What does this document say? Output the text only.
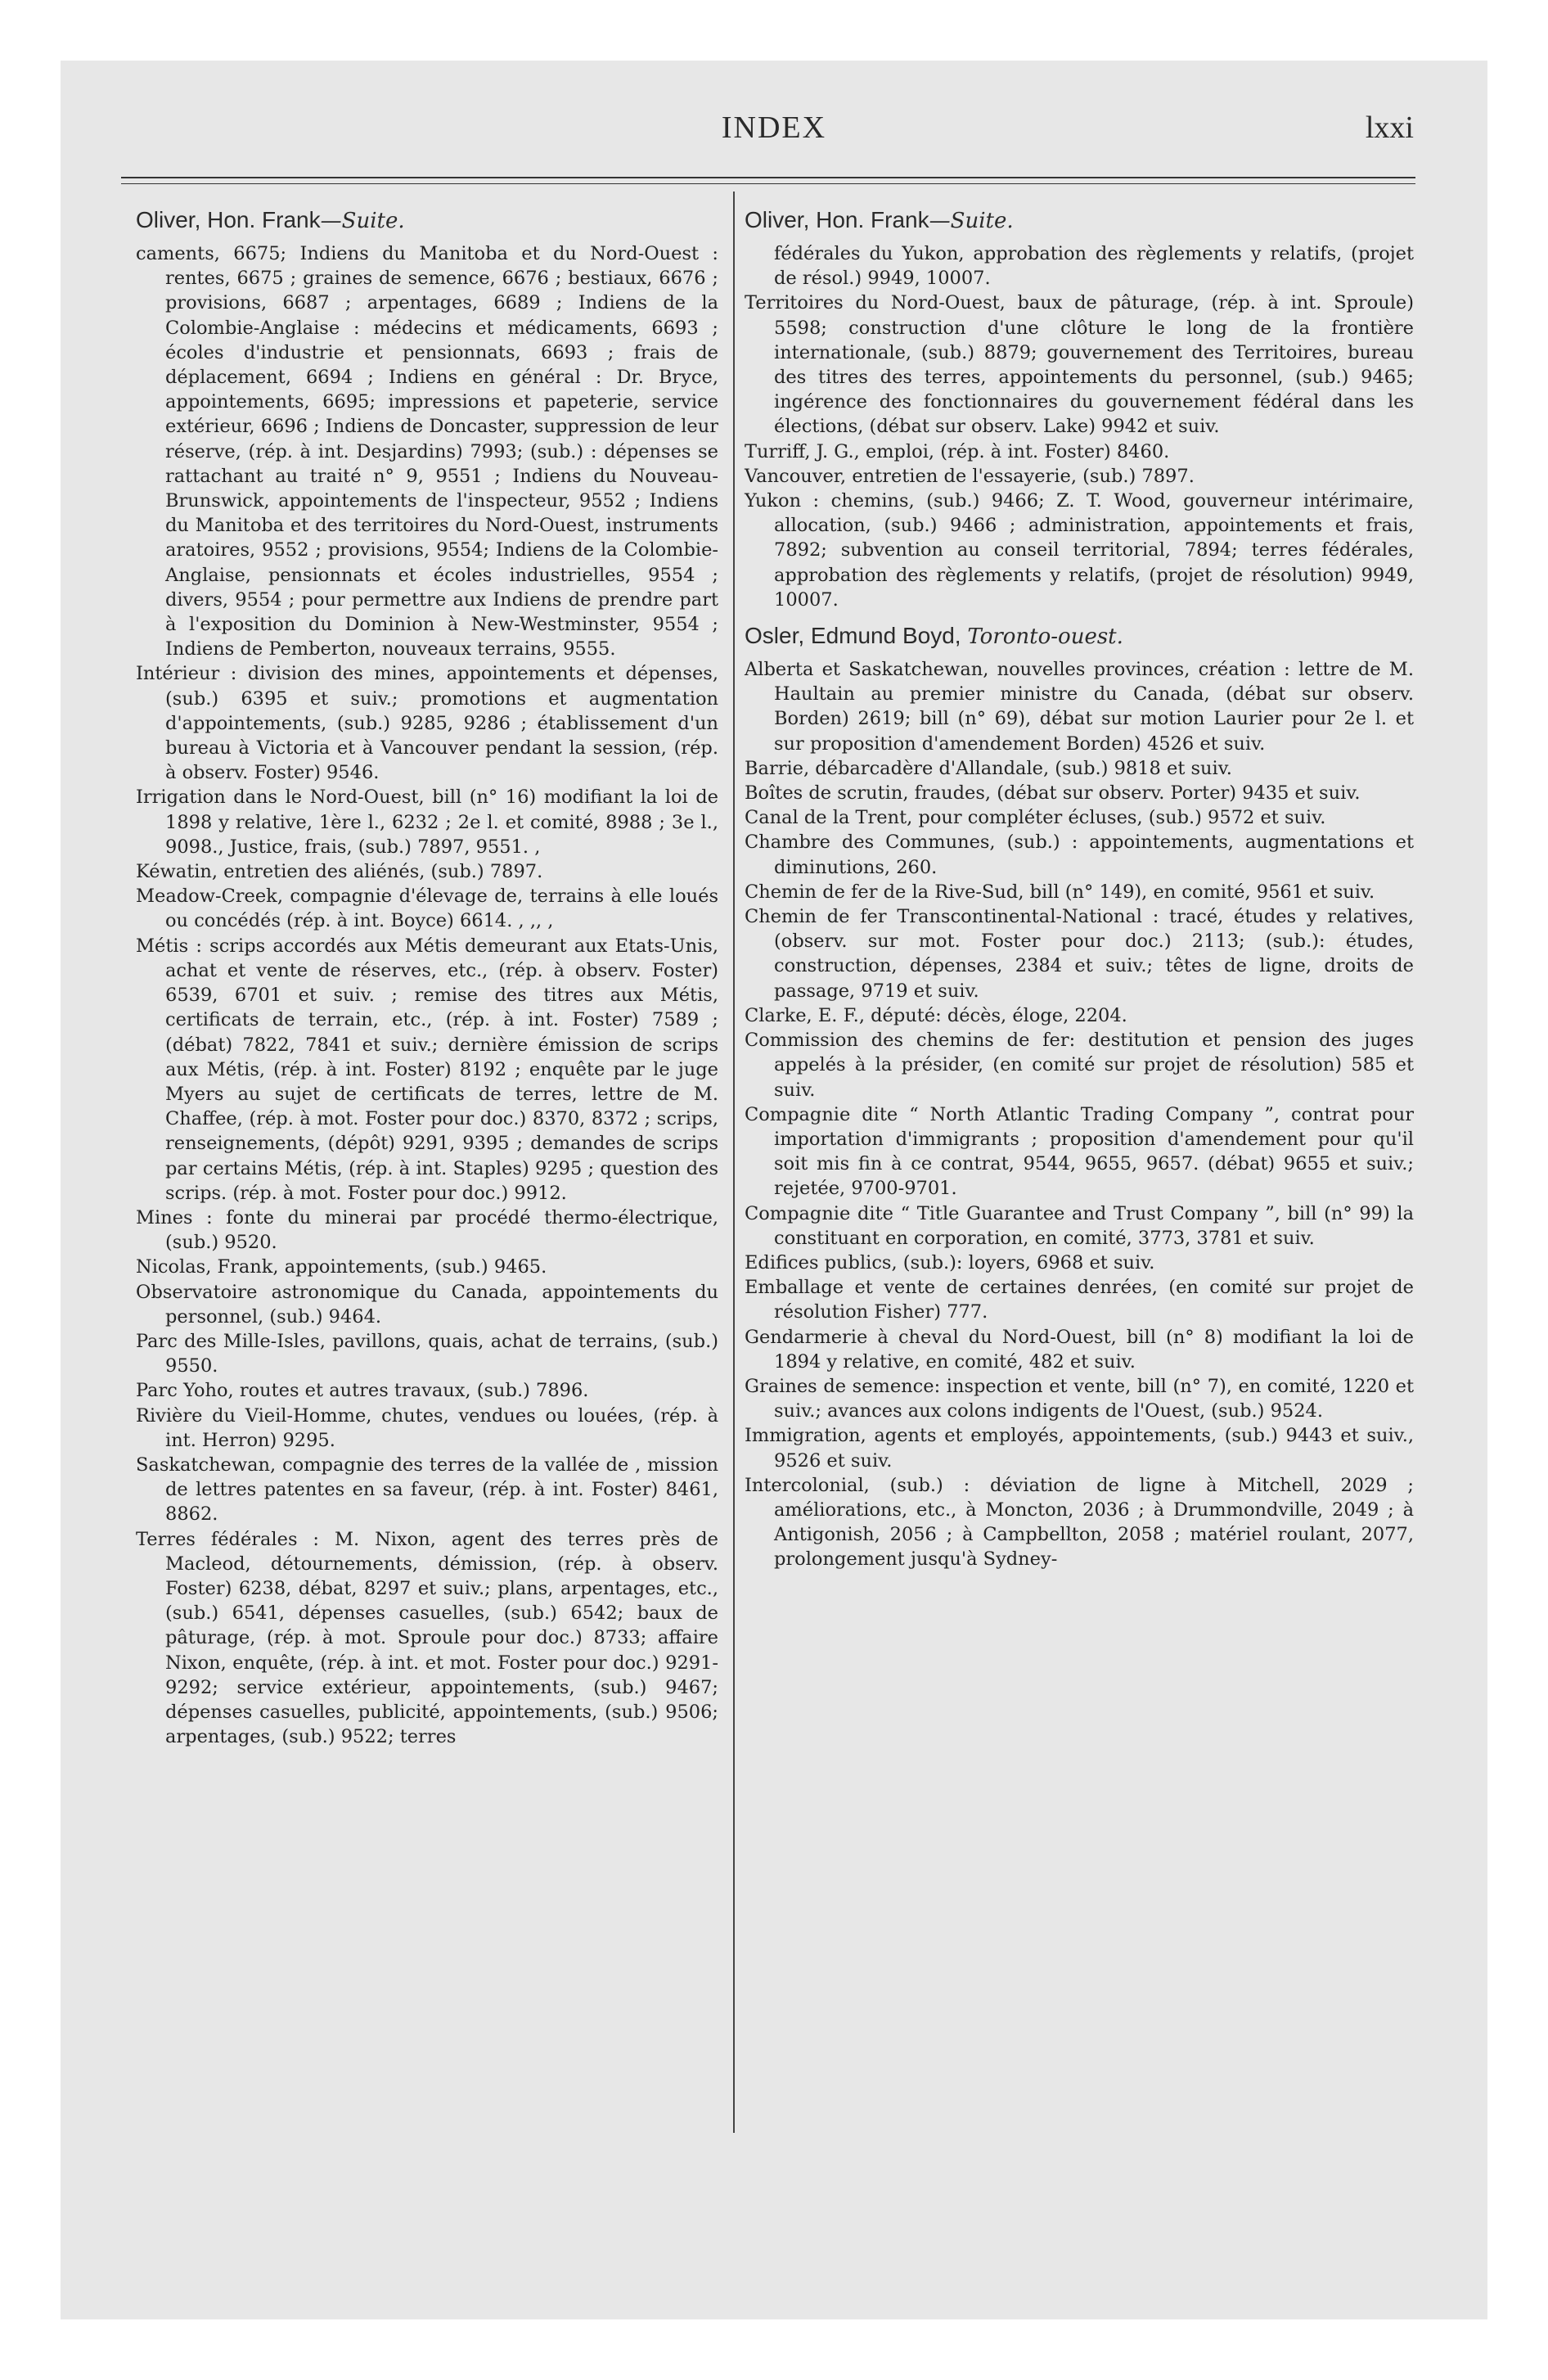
INDEX	lxxi

Oliver, Hon. Frank—Suite.

caments, 6675; Indiens du Manitoba et du Nord-Ouest : rentes, 6675 ; graines de semence, 6676 ; bestiaux, 6676 ; provisions, 6687 ; arpentages, 6689 ; Indiens de la Colombie-Anglaise : médecins et médicaments, 6693 ; écoles d'industrie et pensionnats, 6693 ; frais de déplacement, 6694 ; Indiens en général : Dr. Bryce, appointements, 6695; impressions et papeterie, service extérieur, 6696 ; Indiens de Doncaster, suppression de leur réserve, (rép. à int. Desjardins) 7993; (sub.) : dépenses se rattachant au traité n° 9, 9551 ; Indiens du Nouveau-Brunswick, appointements de l'inspecteur, 9552 ; Indiens du Manitoba et des territoires du Nord-Ouest, instruments aratoires, 9552 ; provisions, 9554; Indiens de la Colombie-Anglaise, pensionnats et écoles industrielles, 9554 ; divers, 9554 ; pour permettre aux Indiens de prendre part à l'exposition du Dominion à New-Westminster, 9554 ; Indiens de Pemberton, nouveaux terrains, 9555.

Intérieur : division des mines, appointements et dépenses, (sub.) 6395 et suiv.; promotions et augmentation d'appointements, (sub.) 9285, 9286 ; établissement d'un bureau à Victoria et à Vancouver pendant la session, (rép. à observ. Foster) 9546.

Irrigation dans le Nord-Ouest, bill (n° 16) modifiant la loi de 1898 y relative, 1ère l., 6232 ; 2e l. et comité, 8988 ; 3e l., 9098., Justice, frais, (sub.) 7897, 9551. ,

Kéwatin, entretien des aliénés, (sub.) 7897.

Meadow-Creek, compagnie d'élevage de, terrains à elle loués ou concédés (rép. à int. Boyce) 6614. , ,, ,

Métis : scrips accordés aux Métis demeurant aux Etats-Unis, achat et vente de réserves, etc., (rép. à observ. Foster) 6539, 6701 et suiv. ; remise des titres aux Métis, certificats de terrain, etc., (rép. à int. Foster) 7589 ; (débat) 7822, 7841 et suiv.; dernière émission de scrips aux Métis, (rép. à int. Foster) 8192 ; enquête par le juge Myers au sujet de certificats de terres, lettre de M. Chaffee, (rép. à mot. Foster pour doc.) 8370, 8372 ; scrips, renseignements, (dépôt) 9291, 9395 ; demandes de scrips par certains Métis, (rép. à int. Staples) 9295 ; question des scrips. (rép. à mot. Foster pour doc.) 9912.

Mines : fonte du minerai par procédé thermo-électrique, (sub.) 9520.

Nicolas, Frank, appointements, (sub.) 9465.

Observatoire astronomique du Canada, appointements du personnel, (sub.) 9464.

Parc des Mille-Isles, pavillons, quais, achat de terrains, (sub.) 9550.

Parc Yoho, routes et autres travaux, (sub.) 7896.

Rivière du Vieil-Homme, chutes, vendues ou louées, (rép. à int. Herron) 9295.

Saskatchewan, compagnie des terres de la vallée de , mission de lettres patentes en sa faveur, (rép. à int. Foster) 8461, 8862.

Terres fédérales : M. Nixon, agent des terres près de Macleod, détournements, démission, (rép. à observ. Foster) 6238, débat, 8297 et suiv.; plans, arpentages, etc., (sub.) 6541, dépenses casuelles, (sub.) 6542; baux de pâturage, (rép. à mot. Sproule pour doc.) 8733; affaire Nixon, enquête, (rép. à int. et mot. Foster pour doc.) 9291-9292; service extérieur, appointements, (sub.) 9467; dépenses casuelles, publicité, appointements, (sub.) 9506; arpentages, (sub.) 9522; terres

Oliver, Hon. Frank—Suite.

fédérales du Yukon, approbation des règlements y relatifs, (projet de résol.) 9949, 10007.

Territoires du Nord-Ouest, baux de pâturage, (rép. à int. Sproule) 5598; construction d'une clôture le long de la frontière internationale, (sub.) 8879; gouvernement des Territoires, bureau des titres des terres, appointements du personnel, (sub.) 9465; ingérence des fonctionnaires du gouvernement fédéral dans les élections, (débat sur observ. Lake) 9942 et suiv.

Turriff, J. G., emploi, (rép. à int. Foster) 8460.

Vancouver, entretien de l'essayerie, (sub.) 7897.

Yukon : chemins, (sub.) 9466; Z. T. Wood, gouverneur intérimaire, allocation, (sub.) 9466 ; administration, appointements et frais, 7892; subvention au conseil territorial, 7894; terres fédérales, approbation des règlements y relatifs, (projet de résolution) 9949, 10007.

Osler, Edmund Boyd, Toronto-ouest.

Alberta et Saskatchewan, nouvelles provinces, création : lettre de M. Haultain au premier ministre du Canada, (débat sur observ. Borden) 2619; bill (n° 69), débat sur motion Laurier pour 2e l. et sur proposition d'amendement Borden) 4526 et suiv.

Barrie, débarcadère d'Allandale, (sub.) 9818 et suiv.

Boîtes de scrutin, fraudes, (débat sur observ. Porter) 9435 et suiv.

Canal de la Trent, pour compléter écluses, (sub.) 9572 et suiv.

Chambre des Communes, (sub.) : appointements, augmentations et diminutions, 260.

Chemin de fer de la Rive-Sud, bill (n° 149), en comité, 9561 et suiv.

Chemin de fer Transcontinental-National : tracé, études y relatives, (observ. sur mot. Foster pour doc.) 2113; (sub.): études, construction, dépenses, 2384 et suiv.; têtes de ligne, droits de passage, 9719 et suiv.

Clarke, E. F., député: décès, éloge, 2204.

Commission des chemins de fer: destitution et pension des juges appelés à la présider, (en comité sur projet de résolution) 585 et suiv.

Compagnie dite “ North Atlantic Trading Company ”, contrat pour importation d'immigrants ; proposition d'amendement pour qu'il soit mis fin à ce contrat, 9544, 9655, 9657. (débat) 9655 et suiv.; rejetée, 9700-9701.

Compagnie dite “ Title Guarantee and Trust Company ”, bill (n° 99) la constituant en corporation, en comité, 3773, 3781 et suiv.

Edifices publics, (sub.): loyers, 6968 et suiv.

Emballage et vente de certaines denrées, (en comité sur projet de résolution Fisher) 777.

Gendarmerie à cheval du Nord-Ouest, bill (n° 8) modifiant la loi de 1894 y relative, en comité, 482 et suiv.

Graines de semence: inspection et vente, bill (n° 7), en comité, 1220 et suiv.; avances aux colons indigents de l'Ouest, (sub.) 9524.

Immigration, agents et employés, appointements, (sub.) 9443 et suiv., 9526 et suiv.

Intercolonial, (sub.) : déviation de ligne à Mitchell, 2029 ; améliorations, etc., à Moncton, 2036 ; à Drummondville, 2049 ; à Antigonish, 2056 ; à Campbellton, 2058 ; matériel roulant, 2077, prolongement jusqu'à Sydney-
